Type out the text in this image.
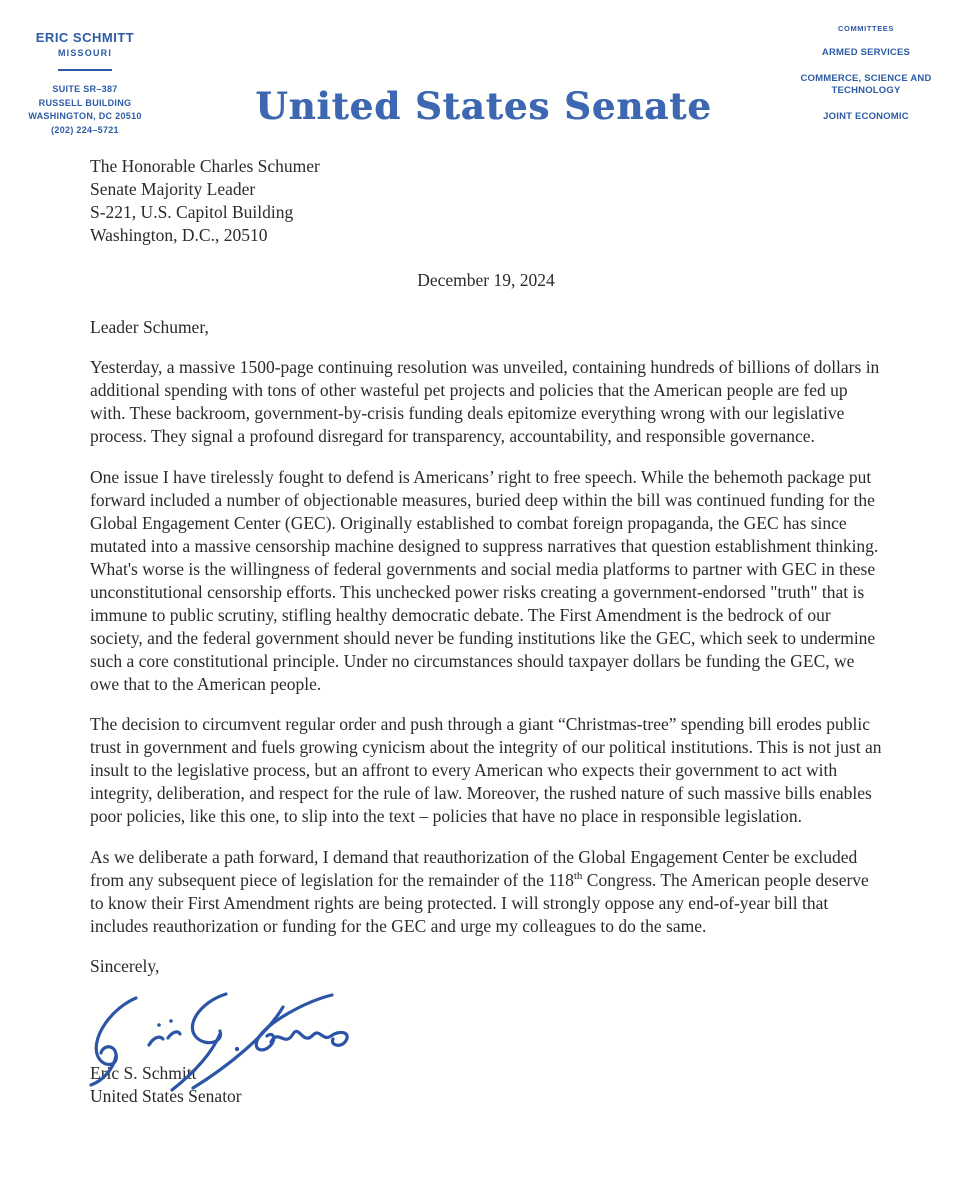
ERIC SCHMITT
MISSOURI
SUITE SR–387
RUSSELL BUILDING
WASHINGTON, DC 20510
(202) 224–5721
United States Senate
COMMITTEES
ARMED SERVICES
COMMERCE, SCIENCE AND TECHNOLOGY
JOINT ECONOMIC
The Honorable Charles Schumer
Senate Majority Leader
S-221, U.S. Capitol Building
Washington, D.C., 20510
December 19, 2024
Leader Schumer,

Yesterday, a massive 1500-page continuing resolution was unveiled, containing hundreds of billions of dollars in additional spending with tons of other wasteful pet projects and policies that the American people are fed up with. These backroom, government-by-crisis funding deals epitomize everything wrong with our legislative process. They signal a profound disregard for transparency, accountability, and responsible governance.

One issue I have tirelessly fought to defend is Americans’ right to free speech. While the behemoth package put forward included a number of objectionable measures, buried deep within the bill was continued funding for the Global Engagement Center (GEC). Originally established to combat foreign propaganda, the GEC has since mutated into a massive censorship machine designed to suppress narratives that question establishment thinking. What's worse is the willingness of federal governments and social media platforms to partner with GEC in these unconstitutional censorship efforts. This unchecked power risks creating a government-endorsed "truth" that is immune to public scrutiny, stifling healthy democratic debate. The First Amendment is the bedrock of our society, and the federal government should never be funding institutions like the GEC, which seek to undermine such a core constitutional principle. Under no circumstances should taxpayer dollars be funding the GEC, we owe that to the American people.

The decision to circumvent regular order and push through a giant “Christmas-tree” spending bill erodes public trust in government and fuels growing cynicism about the integrity of our political institutions. This is not just an insult to the legislative process, but an affront to every American who expects their government to act with integrity, deliberation, and respect for the rule of law. Moreover, the rushed nature of such massive bills enables poor policies, like this one, to slip into the text – policies that have no place in responsible legislation.

As we deliberate a path forward, I demand that reauthorization of the Global Engagement Center be excluded from any subsequent piece of legislation for the remainder of the 118th Congress. The American people deserve to know their First Amendment rights are being protected. I will strongly oppose any end-of-year bill that includes reauthorization or funding for the GEC and urge my colleagues to do the same.

Sincerely,
Eric S. Schmitt
United States Senator
